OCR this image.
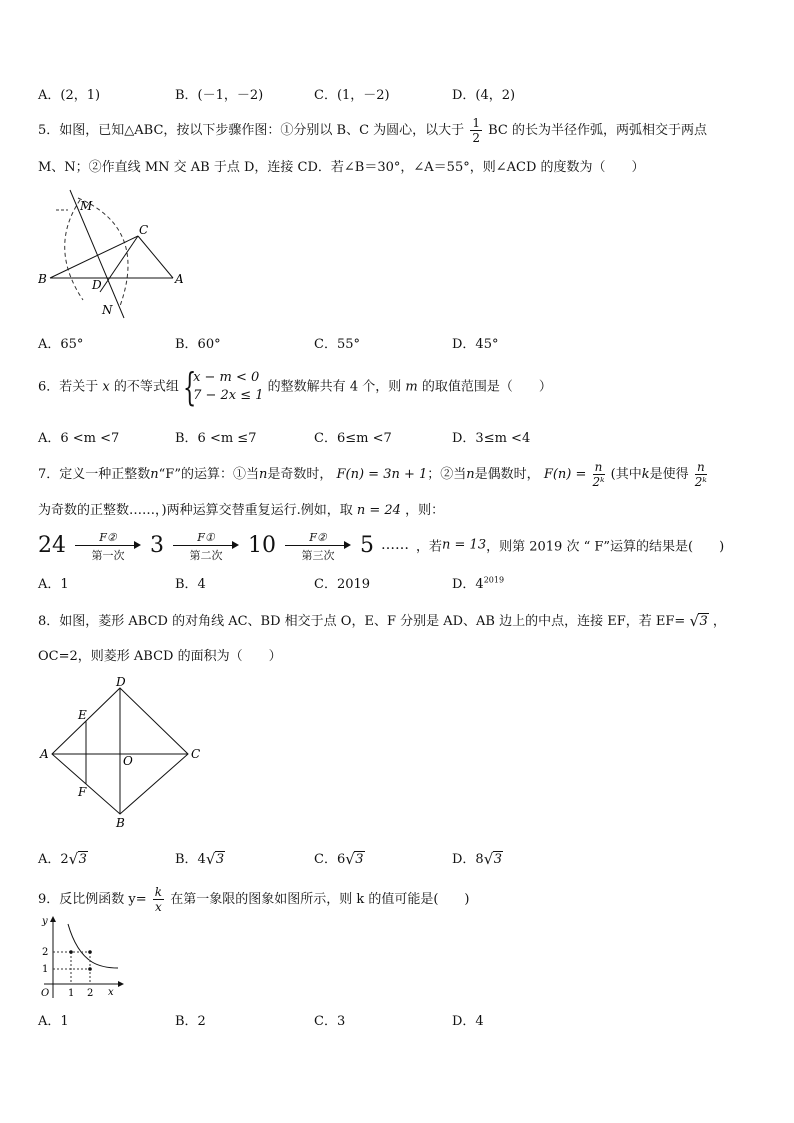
A．(2，1)	B．(－1，－2)	C．(1，－2)	D．(4，2)
5．如图，已知△ABC，按以下步骤作图：①分别以 B、C 为圆心，以大于 $\frac{1}{2}$ BC 的长为半径作弧，两弧相交于两点
M、N；②作直线 MN 交 AB 于点 D，连接 CD．若∠B＝30°，∠A＝55°，则∠ACD 的度数为（　　）
M
C
B	D	A
N
A．65°	B．60°	C．55°	D．45°
6．若关于 x 的不等式组 {
x − m < 0
7 − 2x ≤ 1
的整数解共有 4 个，则 m 的取值范围是（　　）
A．6 <m <7	B．6 <m ≤7	C．6≤m <7	D．3≤m <4
7．定义一种正整数n“F”的运算：①当n是奇数时， F(n) = 3n + 1；②当n是偶数时， $F(n) = \frac{n}{\text{2ᵏ}}$ (其中k是使得 $\frac{n}{\text{2ᵏ}}$
为奇数的正整数……，)两种运算交替重复运行.例如，取 n = 24 ，则：
24	F②
第一次	3	F①
第二次	10	F②
第三次	5 …… ，若n = 13，则第 2019 次 “ F”运算的结果是(　　)
A．1	B．4	C．2019	D．$4^{2019}$
8．如图，菱形 ABCD 的对角线 AC、BD 相交于点 O，E、F 分别是 AD、AB 边上的中点，连接 EF，若 EF= √ 3 ，
OC=2，则菱形 ABCD 的面积为（　　）
D
E
A	O	C
F
B
A．2 √ 3	B．4 √ 3	C．6 √ 3	D．8 √ 3
9．反比例函数 $y= \frac{k}{x}$ 在第一象限的图象如图所示，则 k 的值可能是(　　)
y
2
1
O 1 2 x
A．1	B．2	C．3	D．4
